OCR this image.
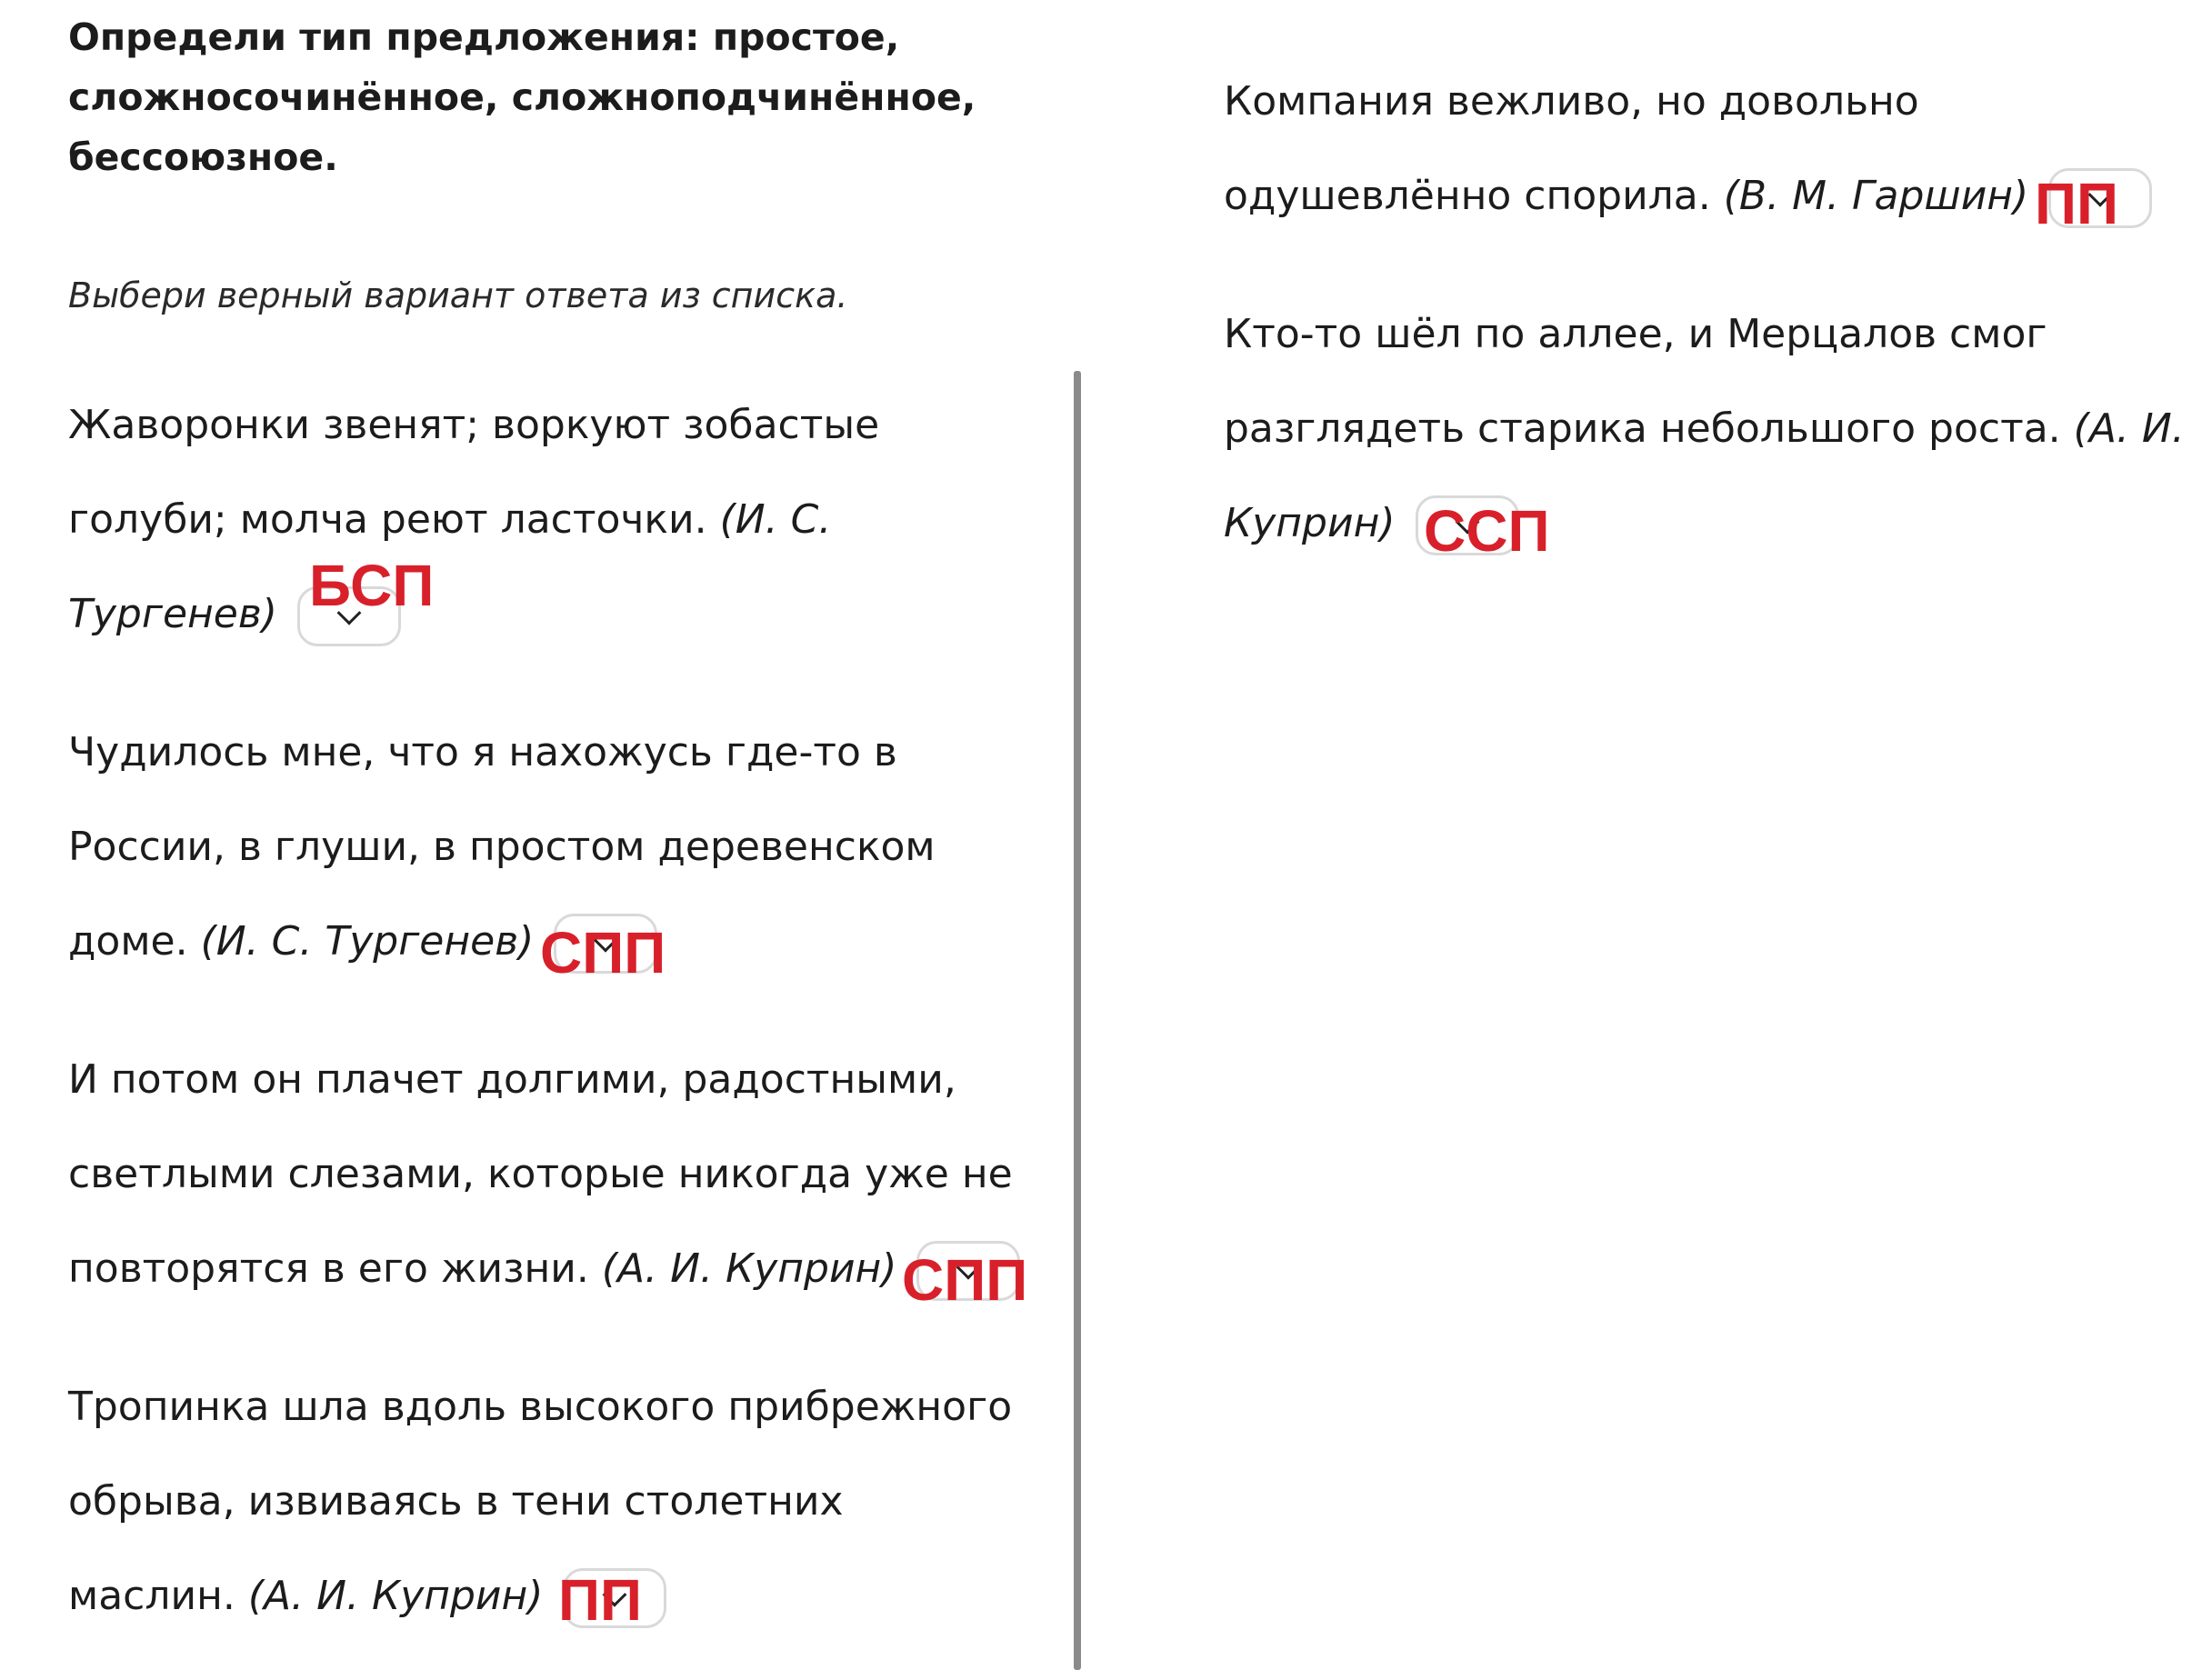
Определи тип предложения: простое,
сложносочинённое, сложноподчинённое,
бессоюзное.

Выбери верный вариант ответа из списка.

Жаворонки звенят; воркуют зобастые
голуби; молча реют ласточки. (И. С.
Тургенев) БСП
Чудилось мне, что я нахожусь где-то в
России, в глуши, в простом деревенском
доме. (И. С. Тургенев) СПП
И потом он плачет долгими, радостными,
светлыми слезами, которые никогда уже не
повторятся в его жизни. (А. И. Куприн) СПП
Тропинка шла вдоль высокого прибрежного
обрыва, извиваясь в тени столетних
маслин. (А. И. Куприн) ПП
Компания вежливо, но довольно
одушевлённо спорила. (В. М. Гаршин) ПП
Кто-то шёл по аллее, и Мерцалов смог
разглядеть старика небольшого роста. (А. И.
Куприн) ССП
